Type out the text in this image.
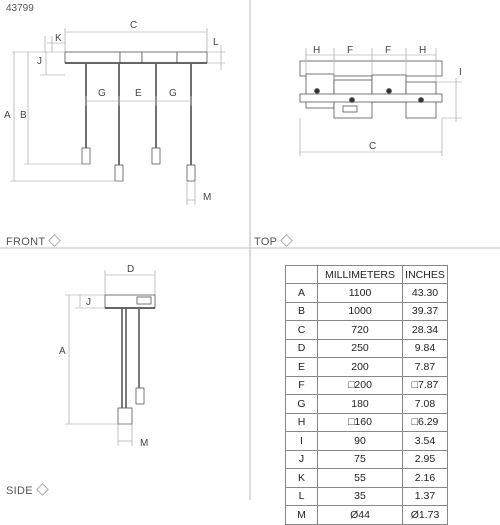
43799
C
K
J
L
B
A
G	E	G
M
H	F	F	H
I
C
D
J
A
M
FRONT	TOP
SIDE
	MILLIMETERS	INCHES
A	1100	43.30
B	1000	39.37
C	720	28.34
D	250	9.84
E	200	7.87
F	□200	□7.87
G	180	7.08
H	□160	□6.29
I	90	3.54
J	75	2.95
K	55	2.16
L	35	1.37
M	Ø44	Ø1.73
